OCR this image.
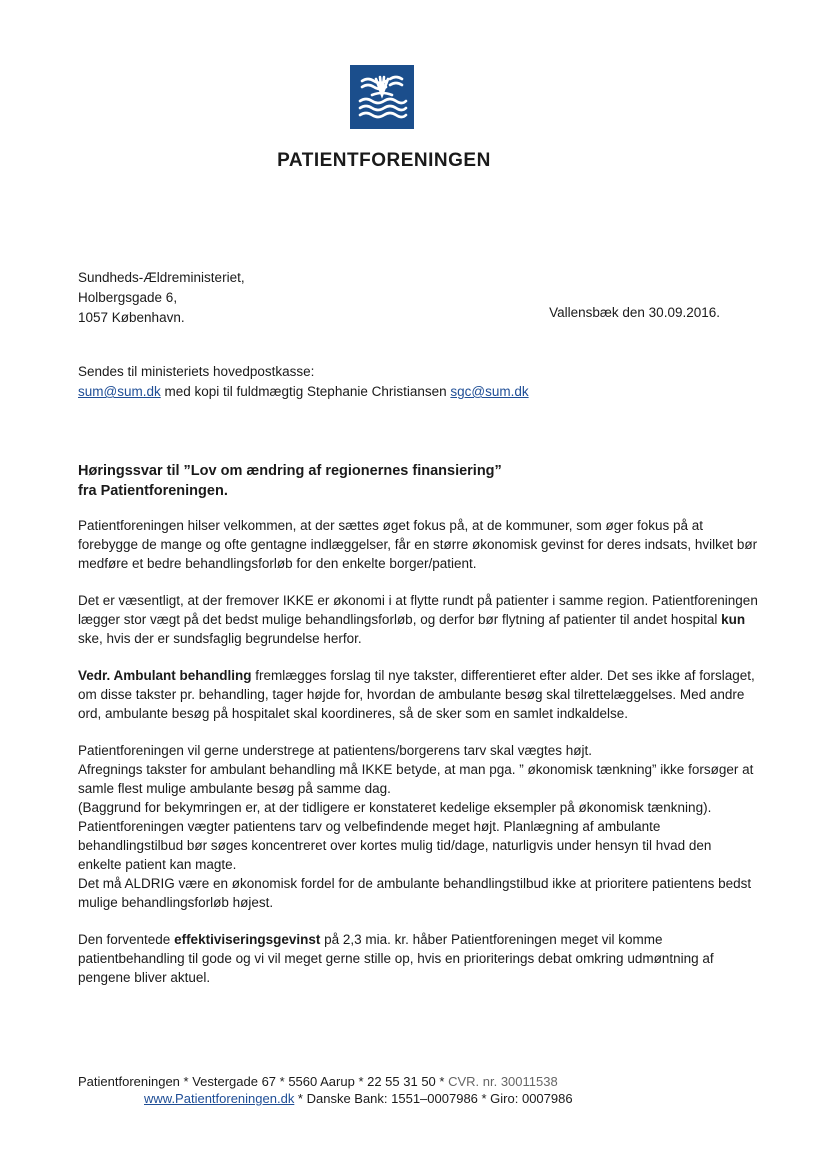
PATIENTFORENINGEN
Sundheds-Ældreministeriet,
Holbergsgade 6,
1057 København.	Vallensbæk den 30.09.2016.
Sendes til ministeriets hovedpostkasse:
sum@sum.dk med kopi til fuldmægtig Stephanie Christiansen sgc@sum.dk
Høringssvar til ”Lov om ændring af regionernes finansiering”
fra Patientforeningen.

Patientforeningen hilser velkommen, at der sættes øget fokus på, at de kommuner, som øger fokus på at forebygge de mange og ofte gentagne indlæggelser, får en større økonomisk gevinst for deres indsats, hvilket bør medføre et bedre behandlingsforløb for den enkelte borger/patient.

Det er væsentligt, at der fremover IKKE er økonomi i at flytte rundt på patienter i samme region. Patientforeningen lægger stor vægt på det bedst mulige behandlingsforløb, og derfor bør flytning af patienter til andet hospital kun ske, hvis der er sundsfaglig begrundelse herfor.

Vedr. Ambulant behandling fremlægges forslag til nye takster, differentieret efter alder. Det ses ikke af forslaget, om disse takster pr. behandling, tager højde for, hvordan de ambulante besøg skal tilrettelæggelses. Med andre ord, ambulante besøg på hospitalet skal koordineres, så de sker som en samlet indkaldelse.

Patientforeningen vil gerne understrege at patientens/borgerens tarv skal vægtes højt.
Afregnings takster for ambulant behandling må IKKE betyde, at man pga. ” økonomisk tænkning” ikke forsøger at samle flest mulige ambulante besøg på samme dag.
(Baggrund for bekymringen er, at der tidligere er konstateret kedelige eksempler på økonomisk tænkning).
Patientforeningen vægter patientens tarv og velbefindende meget højt. Planlægning af ambulante behandlingstilbud bør søges koncentreret over kortes mulig tid/dage, naturligvis under hensyn til hvad den enkelte patient kan magte.
Det må ALDRIG være en økonomisk fordel for de ambulante behandlingstilbud ikke at prioritere patientens bedst mulige behandlingsforløb højest.

Den forventede effektiviseringsgevinst på 2,3 mia. kr. håber Patientforeningen meget vil komme patientbehandling til gode og vi vil meget gerne stille op, hvis en prioriterings debat omkring udmøntning af pengene bliver aktuel.

Patientforeningen * Vestergade 67 * 5560 Aarup * 22 55 31 50 * CVR. nr. 30011538
www.Patientforeningen.dk * Danske Bank: 1551–0007986 * Giro: 0007986
